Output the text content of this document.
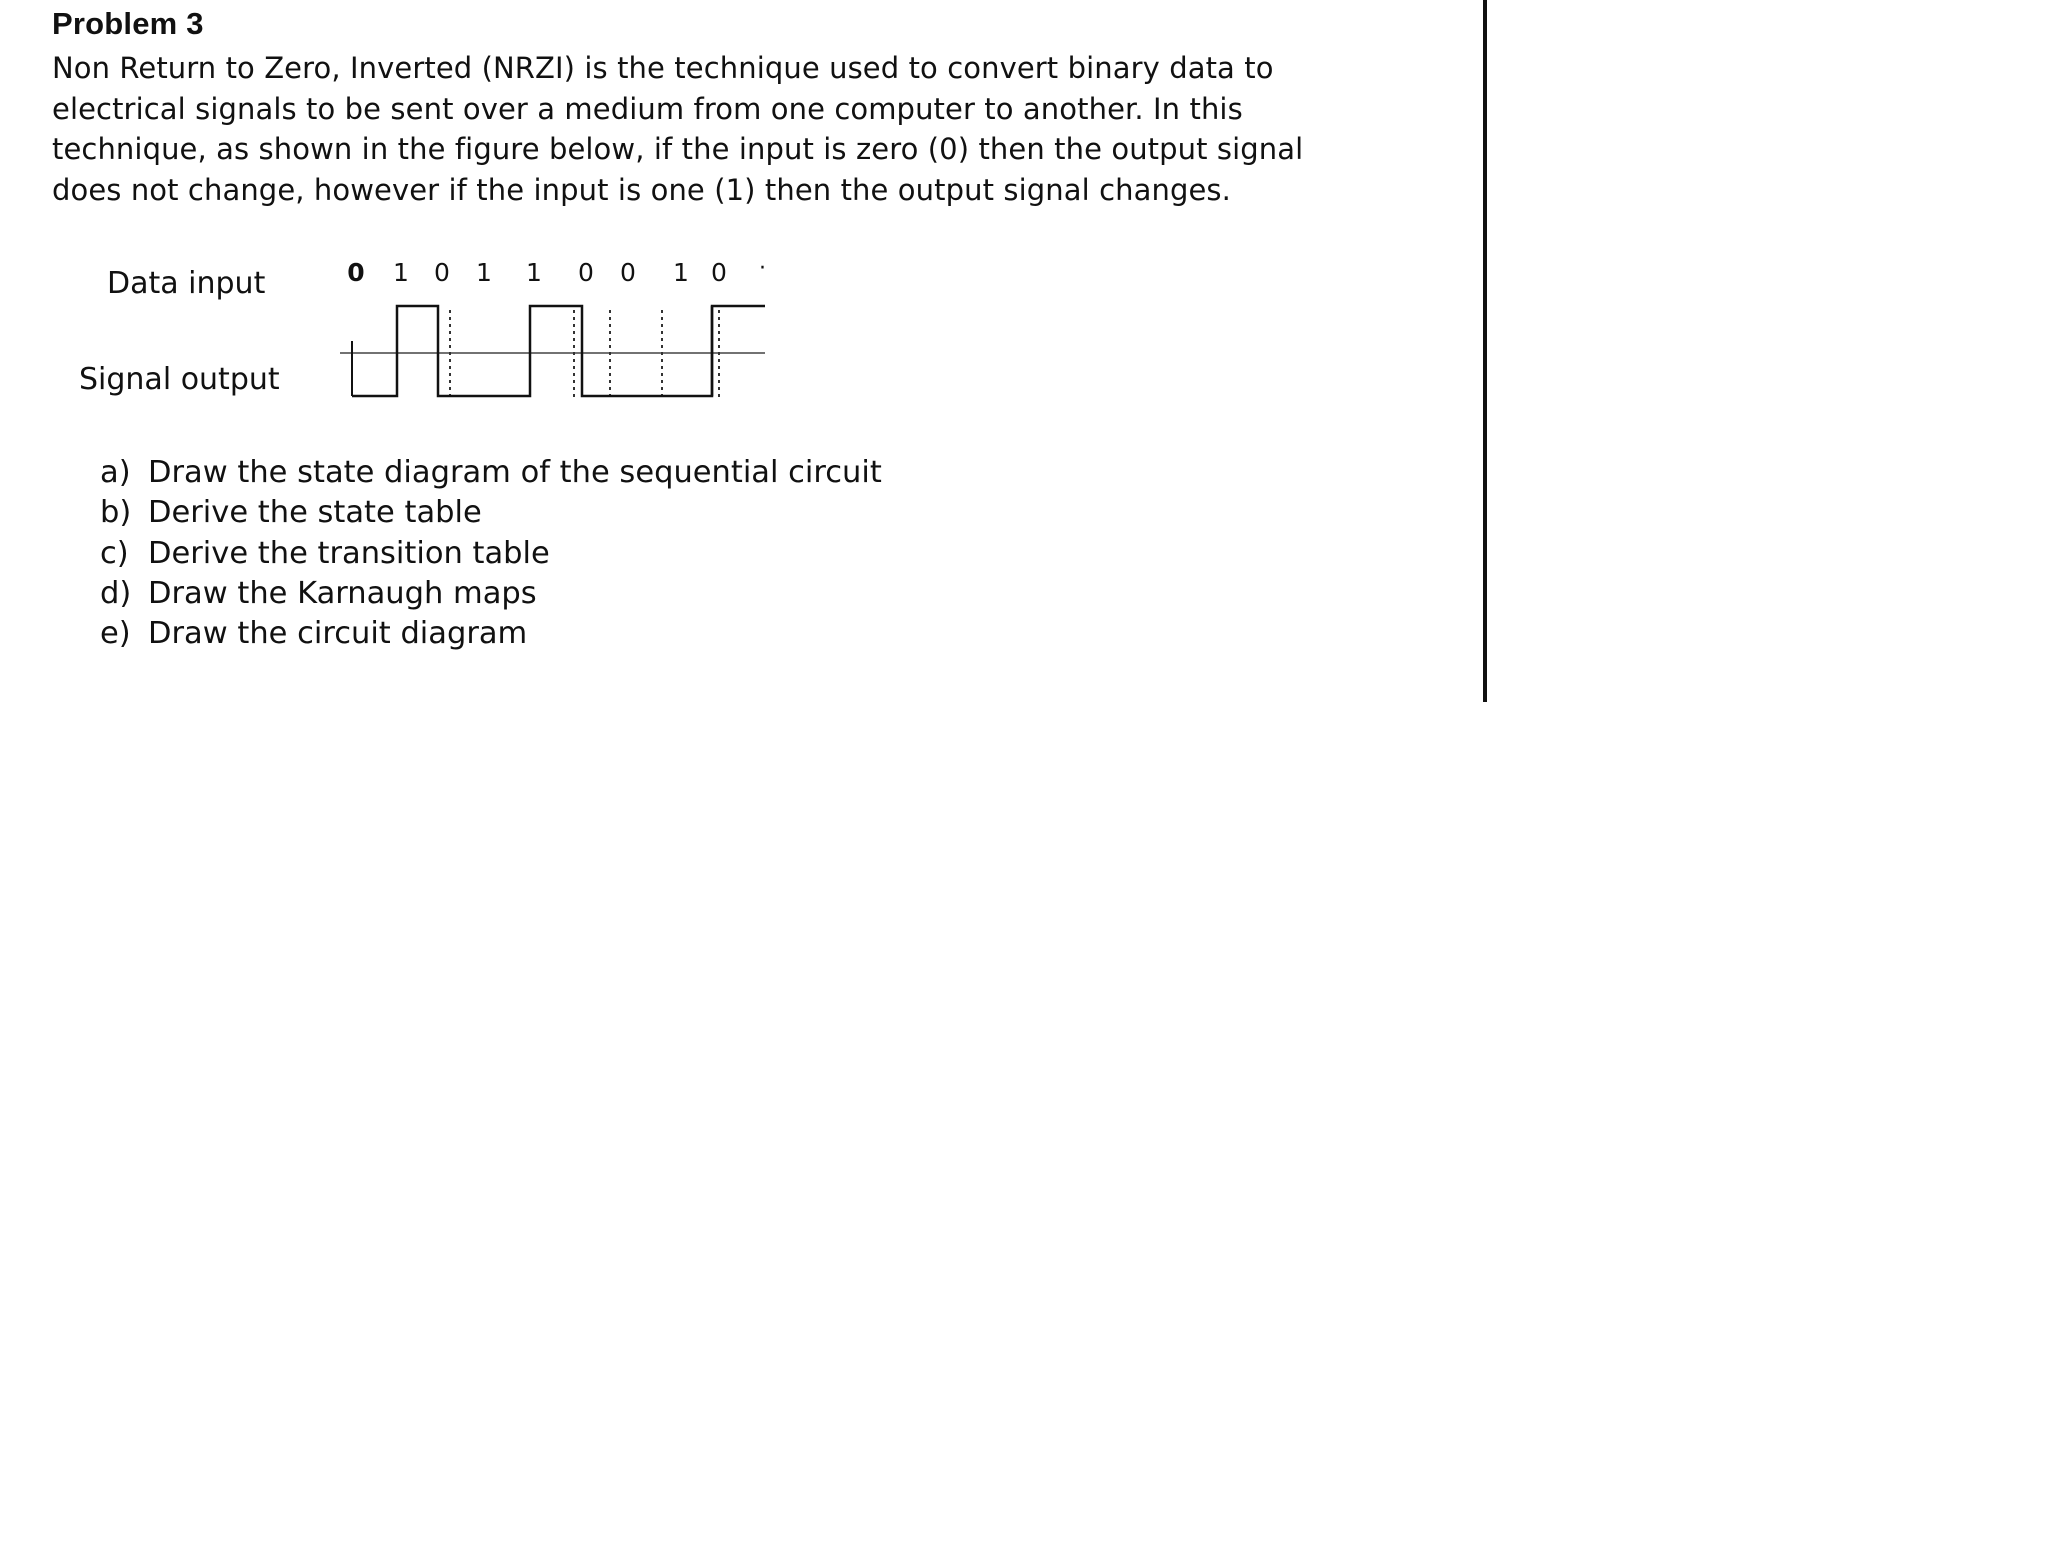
Problem 3
Non Return to Zero, Inverted (NRZI) is the technique used to convert binary data to
electrical signals to be sent over a medium from one computer to another. In this
technique, as shown in the figure below, if the input is zero (0) then the output signal
does not change, however if the input is one (1) then the output signal changes.
Data input
Signal output
0 1 0 1 1 0 0 1 0 ·
a) Draw the state diagram of the sequential circuit
b) Derive the state table
c) Derive the transition table
d) Draw the Karnaugh maps
e) Draw the circuit diagram
